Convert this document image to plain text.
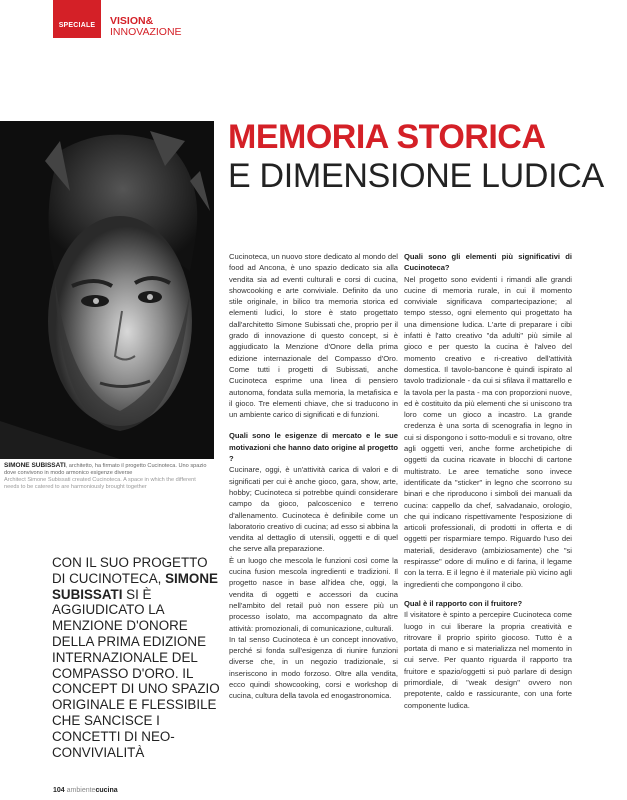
SPECIALE	VISION&
INNOVAZIONE
SIMONE SUBISSATI, architetto, ha firmato il progetto Cucinoteca. Uno spazio dove convivono in modo armonico esigenze diverse
Architect Simone Subissati created Cucinoteca. A space in which the different needs to be catered to are harmoniously brought together
MEMORIA STORICA
E DIMENSIONE LUDICA
CON IL SUO PROGETTO DI CUCINOTECA, SIMONE SUBISSATI SI È AGGIUDICATO LA MENZIONE D'ONORE DELLA PRIMA EDIZIONE INTERNAZIONALE DEL COMPASSO D'ORO. IL CONCEPT DI UNO SPAZIO ORIGINALE E FLESSIBILE CHE SANCISCE I CONCETTI DI NEO-CONVIVIALITÀ

Cucinoteca, un nuovo store dedicato al mondo del food ad Ancona, è uno spazio dedicato sia alla vendita sia ad eventi culturali e corsi di cucina, showcooking e arte conviviale. Definito da uno stile originale, in bilico tra memoria storica ed elementi ludici, lo store è stato progettato dall'architetto Simone Subissati che, proprio per il grado di innovazione di questo concept, si è aggiudicato la Menzione d'Onore della prima edizione internazionale del Compasso d'Oro. Come tutti i progetti di Subissati, anche Cucinoteca esprime una linea di pensiero autonoma, fondata sulla memoria, la metafisica e il gioco. Tre elementi chiave, che si traducono in un ambiente carico di significati e di funzioni.

Quali sono le esigenze di mercato e le sue motivazioni che hanno dato origine al progetto ?

Cucinare, oggi, è un'attività carica di valori e di significati per cui è anche gioco, gara, show, arte, hobby; Cucinoteca si potrebbe quindi considerare campo da gioco, palcoscenico e terreno d'allenamento. Cucinoteca è definibile come un laboratorio creativo di cucina; ad esso si abbina la vendita al dettaglio di utensili, oggetti e di quel che serve alla preparazione.

È un luogo che mescola le funzioni così come la cucina fusion mescola ingredienti e tradizioni. Il progetto nasce in base all'idea che, oggi, la vendita di oggetti e accessori da cucina nell'ambito del retail può non essere più un processo isolato, ma accompagnato da altre attività: promozionali, di comunicazione, culturali.

In tal senso Cucinoteca è un concept innovativo, perché si fonda sull'esigenza di riunire funzioni diverse che, in un negozio tradizionale, si inseriscono in modo forzoso. Oltre alla vendita, ecco quindi showcooking, corsi e workshop di cucina, cultura della tavola ed enogastronomica.

Quali sono gli elementi più significativi di Cucinoteca?

Nel progetto sono evidenti i rimandi alle grandi cucine di memoria rurale, in cui il momento conviviale significava compartecipazione; al tempo stesso, ogni elemento qui progettato ha una dimensione ludica. L'arte di preparare i cibi infatti è l'atto creativo "da adulti" più simile al gioco e per questo la cucina è l'alveo del momento creativo e ri-creativo dell'attività domestica. Il tavolo-bancone è quindi ispirato al tavolo tradizionale - da cui si sfilava il mattarello e la tavola per la pasta - ma con proporzioni nuove, ed è costituito da più elementi che si uniscono tra loro come un gioco a incastro. La grande credenza è una sorta di scenografia in legno in cui si dispongono i sotto-moduli e si trovano, oltre agli oggetti veri, anche forme archetipiche di oggetti da cucina ricavate in blocchi di cartone multistrato. Le aree tematiche sono invece identificate da "sticker" in legno che scorrono su binari e che riproducono i simboli dei manuali da cucina: cappello da chef, salvadanaio, orologio, che qui indicano rispettivamente l'esposizione di articoli professionali, di prodotti in offerta e di oggetti per risparmiare tempo. Riguardo l'uso dei materiali, desideravo (ambiziosamente) che "si respirasse" odore di mulino e di farina, il legame con la terra. E il legno è il materiale più vicino agli ingredienti che compongono il cibo.

Qual è il rapporto con il fruitore?

Il visitatore è spinto a percepire Cucinoteca come luogo in cui liberare la propria creatività e ritrovare il proprio spirito giocoso. Tutto è a portata di mano e si materializza nel momento in cui serve. Per quanto riguarda il rapporto tra fruitore e spazio/oggetti si può parlare di design primordiale, di "weak design" ovvero non prepotente, caldo e rassicurante, con una forte componente ludica.

104 ambientecucina
